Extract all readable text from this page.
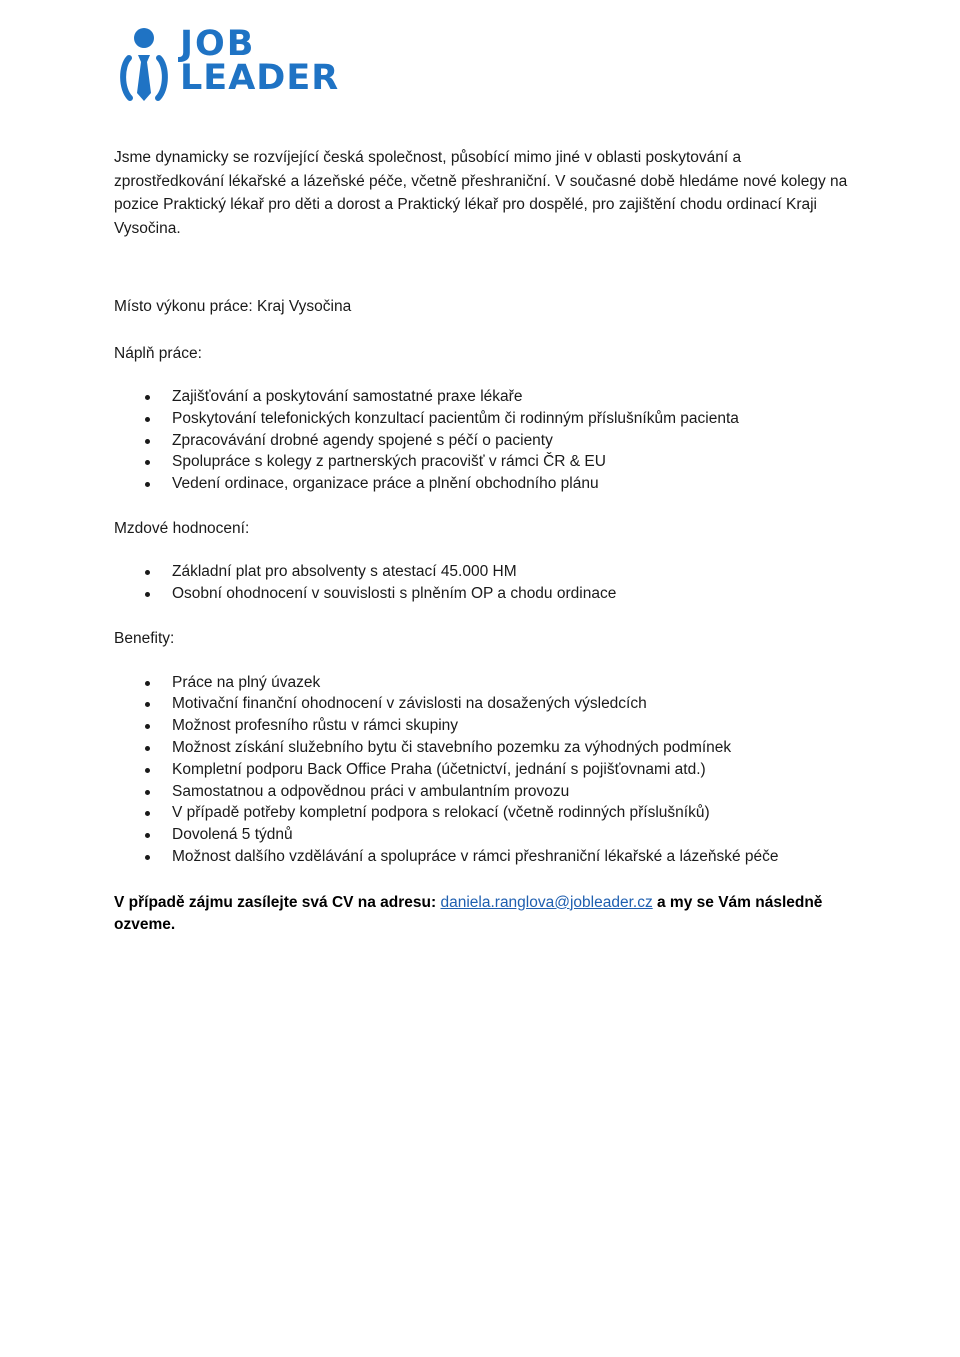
JOB
LEADER

Jsme dynamicky se rozvíjející česká společnost, působící mimo jiné v oblasti poskytování a zprostředkování lékařské a lázeňské péče, včetně přeshraniční. V současné době hledáme nové kolegy na pozice Praktický lékař pro děti a dorost a Praktický lékař pro dospělé, pro zajištění chodu ordinací Kraji Vysočina.

Místo výkonu práce: Kraj Vysočina

Náplň práce:

Zajišťování a poskytování samostatné praxe lékaře
Poskytování telefonických konzultací pacientům či rodinným příslušníkům pacienta
Zpracovávání drobné agendy spojené s péčí o pacienty
Spolupráce s kolegy z partnerských pracovišť v rámci ČR & EU
Vedení ordinace, organizace práce a plnění obchodního plánu

Mzdové hodnocení:

Základní plat pro absolventy s atestací 45.000 HM
Osobní ohodnocení v souvislosti s plněním OP a chodu ordinace

Benefity:

Práce na plný úvazek
Motivační finanční ohodnocení v závislosti na dosažených výsledcích
Možnost profesního růstu v rámci skupiny
Možnost získání služebního bytu či stavebního pozemku za výhodných podmínek
Kompletní podporu Back Office Praha (účetnictví, jednání s pojišťovnami atd.)
Samostatnou a odpovědnou práci v ambulantním provozu
V případě potřeby kompletní podpora s relokací (včetně rodinných příslušníků)
Dovolená 5 týdnů
Možnost dalšího vzdělávání a spolupráce v rámci přeshraniční lékařské a lázeňské péče

V případě zájmu zasílejte svá CV na adresu: daniela.ranglova@jobleader.cz a my se Vám následně ozveme.
